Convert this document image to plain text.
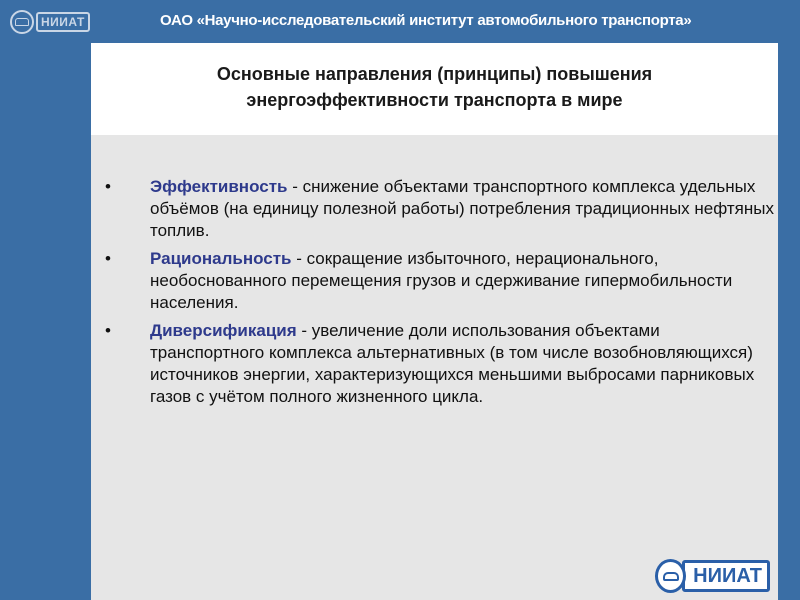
НИИАТ	ОАО «Научно-исследовательский институт автомобильного транспорта»
Основные направления (принципы) повышения
энергоэффективности транспорта в мире
• Эффективность - снижение объектами транспортного комплекса удельных объёмов (на единицу полезной работы) потребления традиционных нефтяных топлив.
• Рациональность - сокращение избыточного, нерационального, необоснованного перемещения грузов и сдерживание гипермобильности населения.
• Диверсификация - увеличение доли использования объектами транспортного комплекса альтернативных (в том числе возобновляющихся) источников энергии, характеризующихся меньшими выбросами парниковых газов с учётом полного жизненного цикла.
НИИАТ
